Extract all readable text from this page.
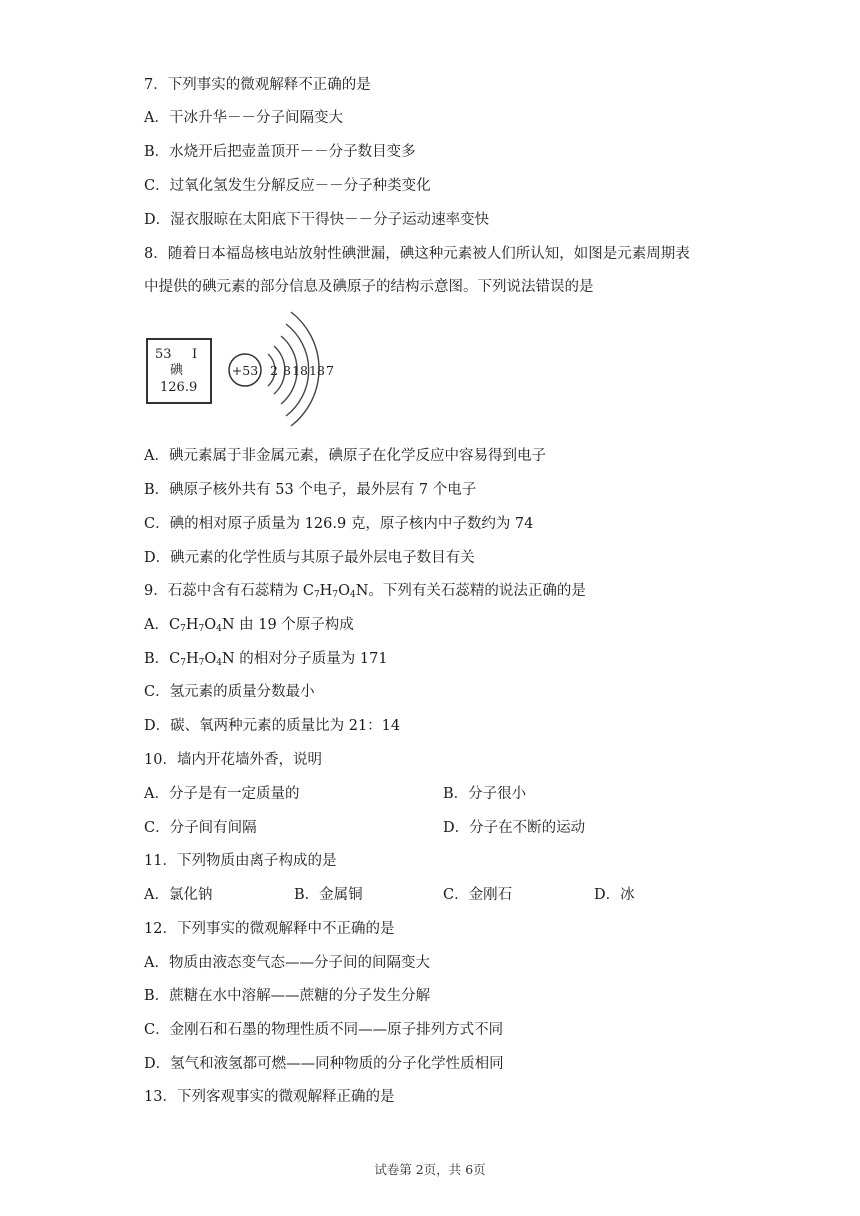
7．下列事实的微观解释不正确的是
A．干冰升华－－分子间隔变大
B．水烧开后把壶盖顶开－－分子数目变多
C．过氧化氢发生分解反应－－分子种类变化
D．湿衣服晾在太阳底下干得快－－分子运动速率变快
8．随着日本福岛核电站放射性碘泄漏，碘这种元素被人们所认知，如图是元素周期表
中提供的碘元素的部分信息及碘原子的结构示意图。下列说法错误的是
53 I
碘
126.9
+53 2 8 18 18 7
A．碘元素属于非金属元素，碘原子在化学反应中容易得到电子
B．碘原子核外共有 53 个电子，最外层有 7 个电子
C．碘的相对原子质量为 126.9 克，原子核内中子数约为 74
D．碘元素的化学性质与其原子最外层电子数目有关
9．石蕊中含有石蕊精为 $C_7H_7O_4N$。下列有关石蕊精的说法正确的是
A．$C_7H_7O_4N$ 由 19 个原子构成
B．$C_7H_7O_4N$ 的相对分子质量为 171
C．氢元素的质量分数最小
D．碳、氧两种元素的质量比为 21：14
10．墙内开花墙外香，说明
A．分子是有一定质量的	B．分子很小
C．分子间有间隔	D．分子在不断的运动
11．下列物质由离子构成的是
A．氯化钠	B．金属铜	C．金刚石	D．冰
12．下列事实的微观解释中不正确的是
A．物质由液态变气态——分子间的间隔变大
B．蔗糖在水中溶解——蔗糖的分子发生分解
C．金刚石和石墨的物理性质不同——原子排列方式不同
D．氢气和液氢都可燃——同种物质的分子化学性质相同
13．下列客观事实的微观解释正确的是
试卷第 2页，共 6页
